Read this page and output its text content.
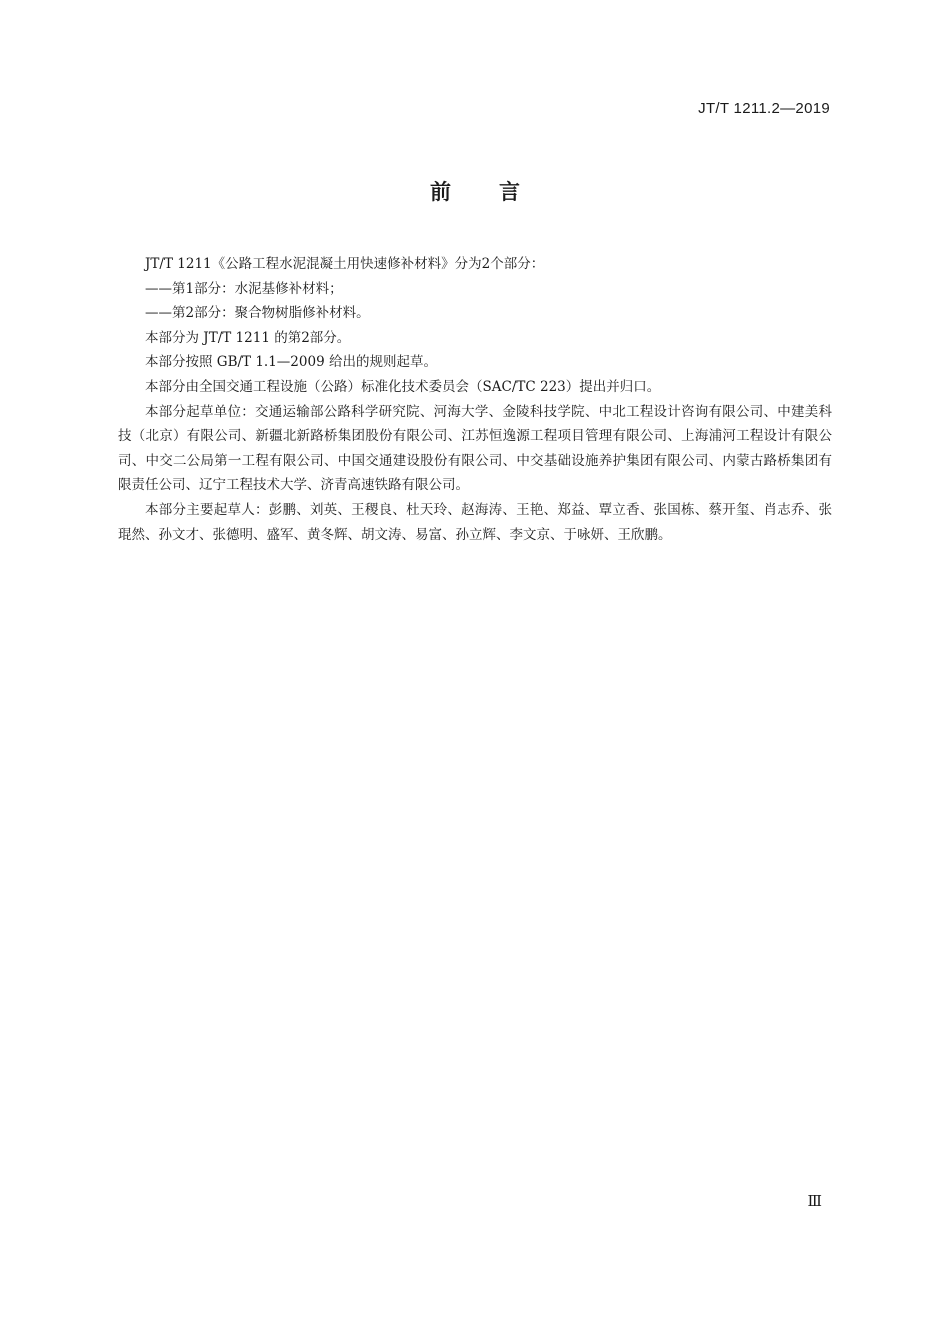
JT/T 1211.2—2019
前言

JT/T 1211《公路工程水泥混凝土用快速修补材料》分为2个部分：

——第1部分：水泥基修补材料；

——第2部分：聚合物树脂修补材料。

本部分为 JT/T 1211 的第2部分。

本部分按照 GB/T 1.1—2009 给出的规则起草。

本部分由全国交通工程设施（公路）标准化技术委员会（SAC/TC 223）提出并归口。

本部分起草单位：交通运输部公路科学研究院、河海大学、金陵科技学院、中北工程设计咨询有限公司、中建美科技（北京）有限公司、新疆北新路桥集团股份有限公司、江苏恒逸源工程项目管理有限公司、上海浦河工程设计有限公司、中交二公局第一工程有限公司、中国交通建设股份有限公司、中交基础设施养护集团有限公司、内蒙古路桥集团有限责任公司、辽宁工程技术大学、济青高速铁路有限公司。

本部分主要起草人：彭鹏、刘英、王稷良、杜天玲、赵海涛、王艳、郑益、覃立香、张国栋、蔡开玺、肖志乔、张琨然、孙文才、张德明、盛军、黄冬辉、胡文涛、易富、孙立辉、李文京、于咏妍、王欣鹏。

Ⅲ
